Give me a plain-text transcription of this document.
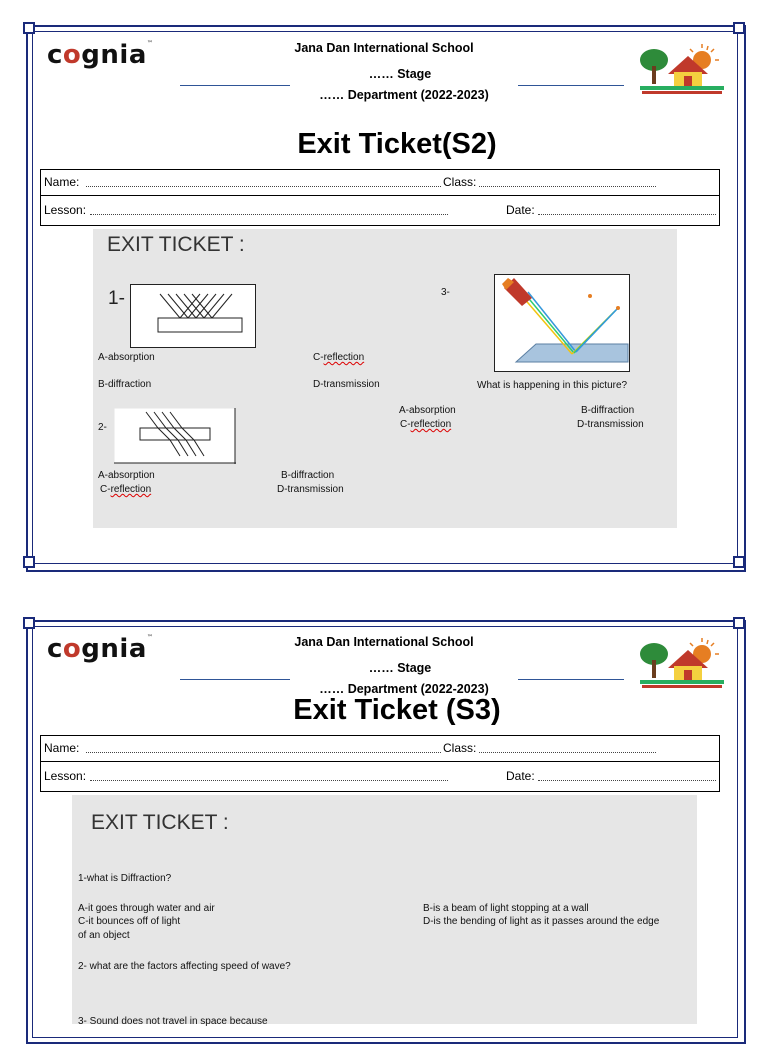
cognia™	Jana Dan International School
…… Stage
…… Department (2022-2023)
Exit Ticket(S2)
Name:	Class:
Lesson:	Date:
EXIT TICKET :
1-
A-absorption
B-diffraction
C-reflection
D-transmission
3-
What is happening in this picture?
A-absorption
C-reflection
B-diffraction
D-transmission
2-
A-absorption
C-reflection
B-diffraction
D-transmission
cognia™	Jana Dan International School
…… Stage
…… Department (2022-2023)
Exit Ticket (S3)
Name:	Class:
Lesson:	Date:
EXIT TICKET :
1-what is Diffraction?
A-it goes through water and air
C-it bounces off of light
of an object
B-is a beam of light stopping at a wall
D-is the bending of light as it passes around the edge
2- what are the factors affecting speed of wave?
3- Sound does not travel in space because
